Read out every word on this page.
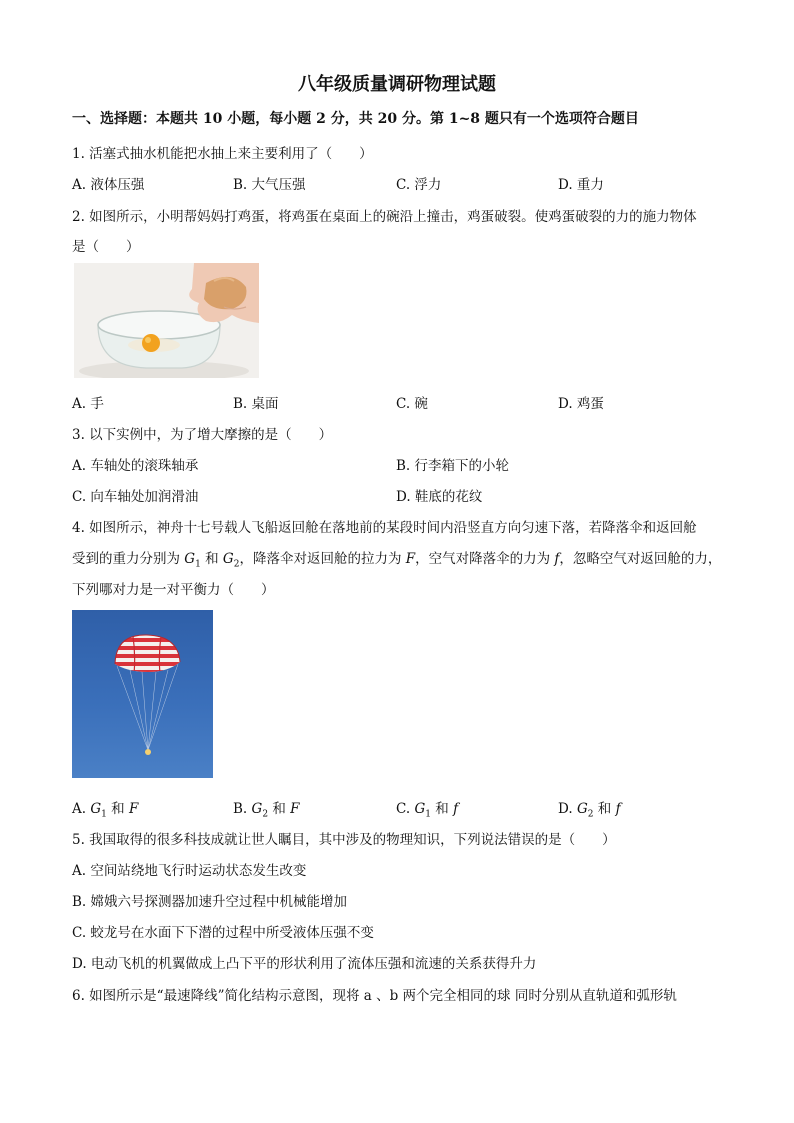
八年级质量调研物理试题
一、选择题：本题共 10 小题，每小题 2 分，共 20 分。第 1~8 题只有一个选项符合题目
1. 活塞式抽水机能把水抽上来主要利用了（　　）
A. 液体压强	B. 大气压强	C. 浮力	D. 重力
2. 如图所示，小明帮妈妈打鸡蛋，将鸡蛋在桌面上的碗沿上撞击，鸡蛋破裂。使鸡蛋破裂的力的施力物体
是（　　）
A. 手	B. 桌面	C. 碗	D. 鸡蛋
3. 以下实例中，为了增大摩擦的是（　　）
A. 车轴处的滚珠轴承	B. 行李箱下的小轮
C. 向车轴处加润滑油	D. 鞋底的花纹
4. 如图所示，神舟十七号载人飞船返回舱在落地前的某段时间内沿竖直方向匀速下落，若降落伞和返回舱
受到的重力分别为 $G_1$ 和 $G_2$，降落伞对返回舱的拉力为 F，空气对降落伞的力为 f，忽略空气对返回舱的力，
下列哪对力是一对平衡力（　　）
A. $G_1$ 和 F	B. $G_2$ 和 F	C. $G_1$ 和 f	D. $G_2$ 和 f
5. 我国取得的很多科技成就让世人瞩目，其中涉及的物理知识，下列说法错误的是（　　）
A. 空间站绕地飞行时运动状态发生改变
B. 嫦娥六号探测器加速升空过程中机械能增加
C. 蛟龙号在水面下下潜的过程中所受液体压强不变
D. 电动飞机的机翼做成上凸下平的形状利用了流体压强和流速的关系获得升力
6. 如图所示是“最速降线”简化结构示意图，现将 a 、b 两个完全相同的球 同时分别从直轨道和弧形轨
